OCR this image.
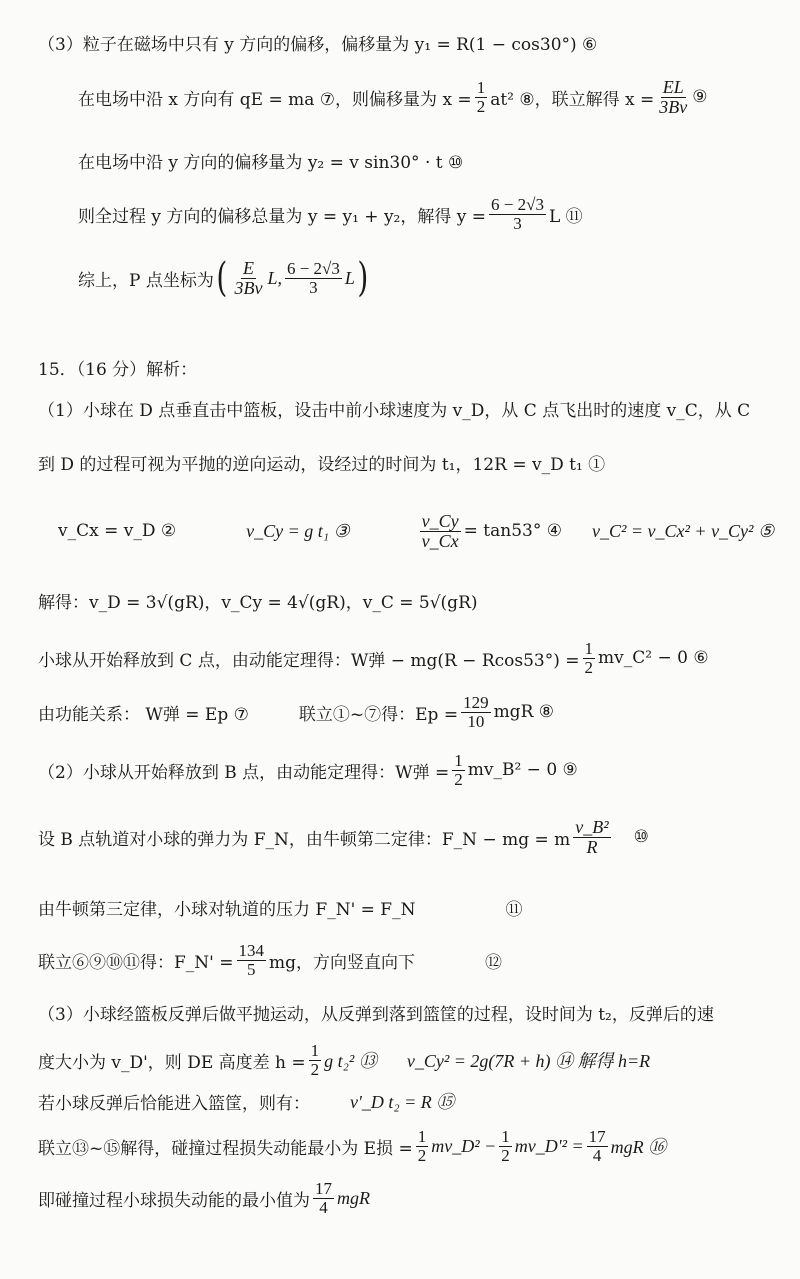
（3）粒子在磁场中只有 y 方向的偏移，偏移量为 y₁ = R(1 − cos30°) ⑥
在电场中沿 x 方向有 qE = ma ⑦，则偏移量为 $x = \frac{1}{2} at^2$ ⑧，联立解得 $x = \frac{EL}{3Bv}$ ⑨
在电场中沿 y 方向的偏移量为 y₂ = v sin30° · t ⑩
则全过程 y 方向的偏移总量为 y = y₁ + y₂，解得 $y = \frac{6 - 2√3}{3}$ L ⑪
综上，P 点坐标为 ( $\frac{E}{3Bv} L$, $\frac{6 - 2√3}{3}$ L )
15．（16 分）解析：
（1）小球在 D 点垂直击中篮板，设击中前小球速度为 v_D，从 C 点飞出时的速度 v_C，从 C
到 D 的过程可视为平抛的逆向运动，设经过的时间为 t₁，12R = v_D t₁ ①
v_Cx = v_D ②	v_Cy = g t₁ ③	$\frac{v\_Cy}{v\_Cx} = \tan 53^\circ$ ④ v_C² = v_Cx² + v_Cy² ⑤
解得：v_D = 3√(gR)，v_Cy = 4√(gR)，v_C = 5√(gR)
小球从开始释放到 C 点，由动能定理得：W弹 − $mg(R - Rcos53^\circ) = \frac{1}{2}$ mv_C² − 0 ⑥
由功能关系： W弹 = Ep ⑦	联立①~⑦得：$Ep = \frac{129}{10}$ mgR ⑧
（2）小球从开始释放到 B 点，由动能定理得：W弹 = $\frac{1}{2}$ mv_B² − 0 ⑨
设 B 点轨道对小球的弹力为 F_N，由牛顿第二定律：F_N − mg = m $\frac{\text{v\_B²}}{R}$ ⑩
由牛顿第三定律，小球对轨道的压力 F_N' = F_N	⑪
联立⑥⑨⑩⑪得：F_N' = $\frac{134}{5}$ mg，方向竖直向下	⑫
（3）小球经篮板反弹后做平抛运动，从反弹到落到篮筐的过程，设时间为 t₂，反弹后的速
度大小为 v_D'，则 DE 高度差 $h = \frac{1}{2}$ g t₂² ⑬ v_Cy² = 2g(7R + h) ⑭ 解得 h=R
若小球反弹后恰能进入篮筐，则有： v'_D t₂ = R ⑮
联立⑬~⑮解得，碰撞过程损失动能最小为 E损 = $\frac{1}{2}$ mv_D² − $\frac{1}{2}$ mv_D'² = $\frac{17}{4}$ mgR ⑯
即碰撞过程小球损失动能的最小值为 $\frac{17}{4}$ mgR
